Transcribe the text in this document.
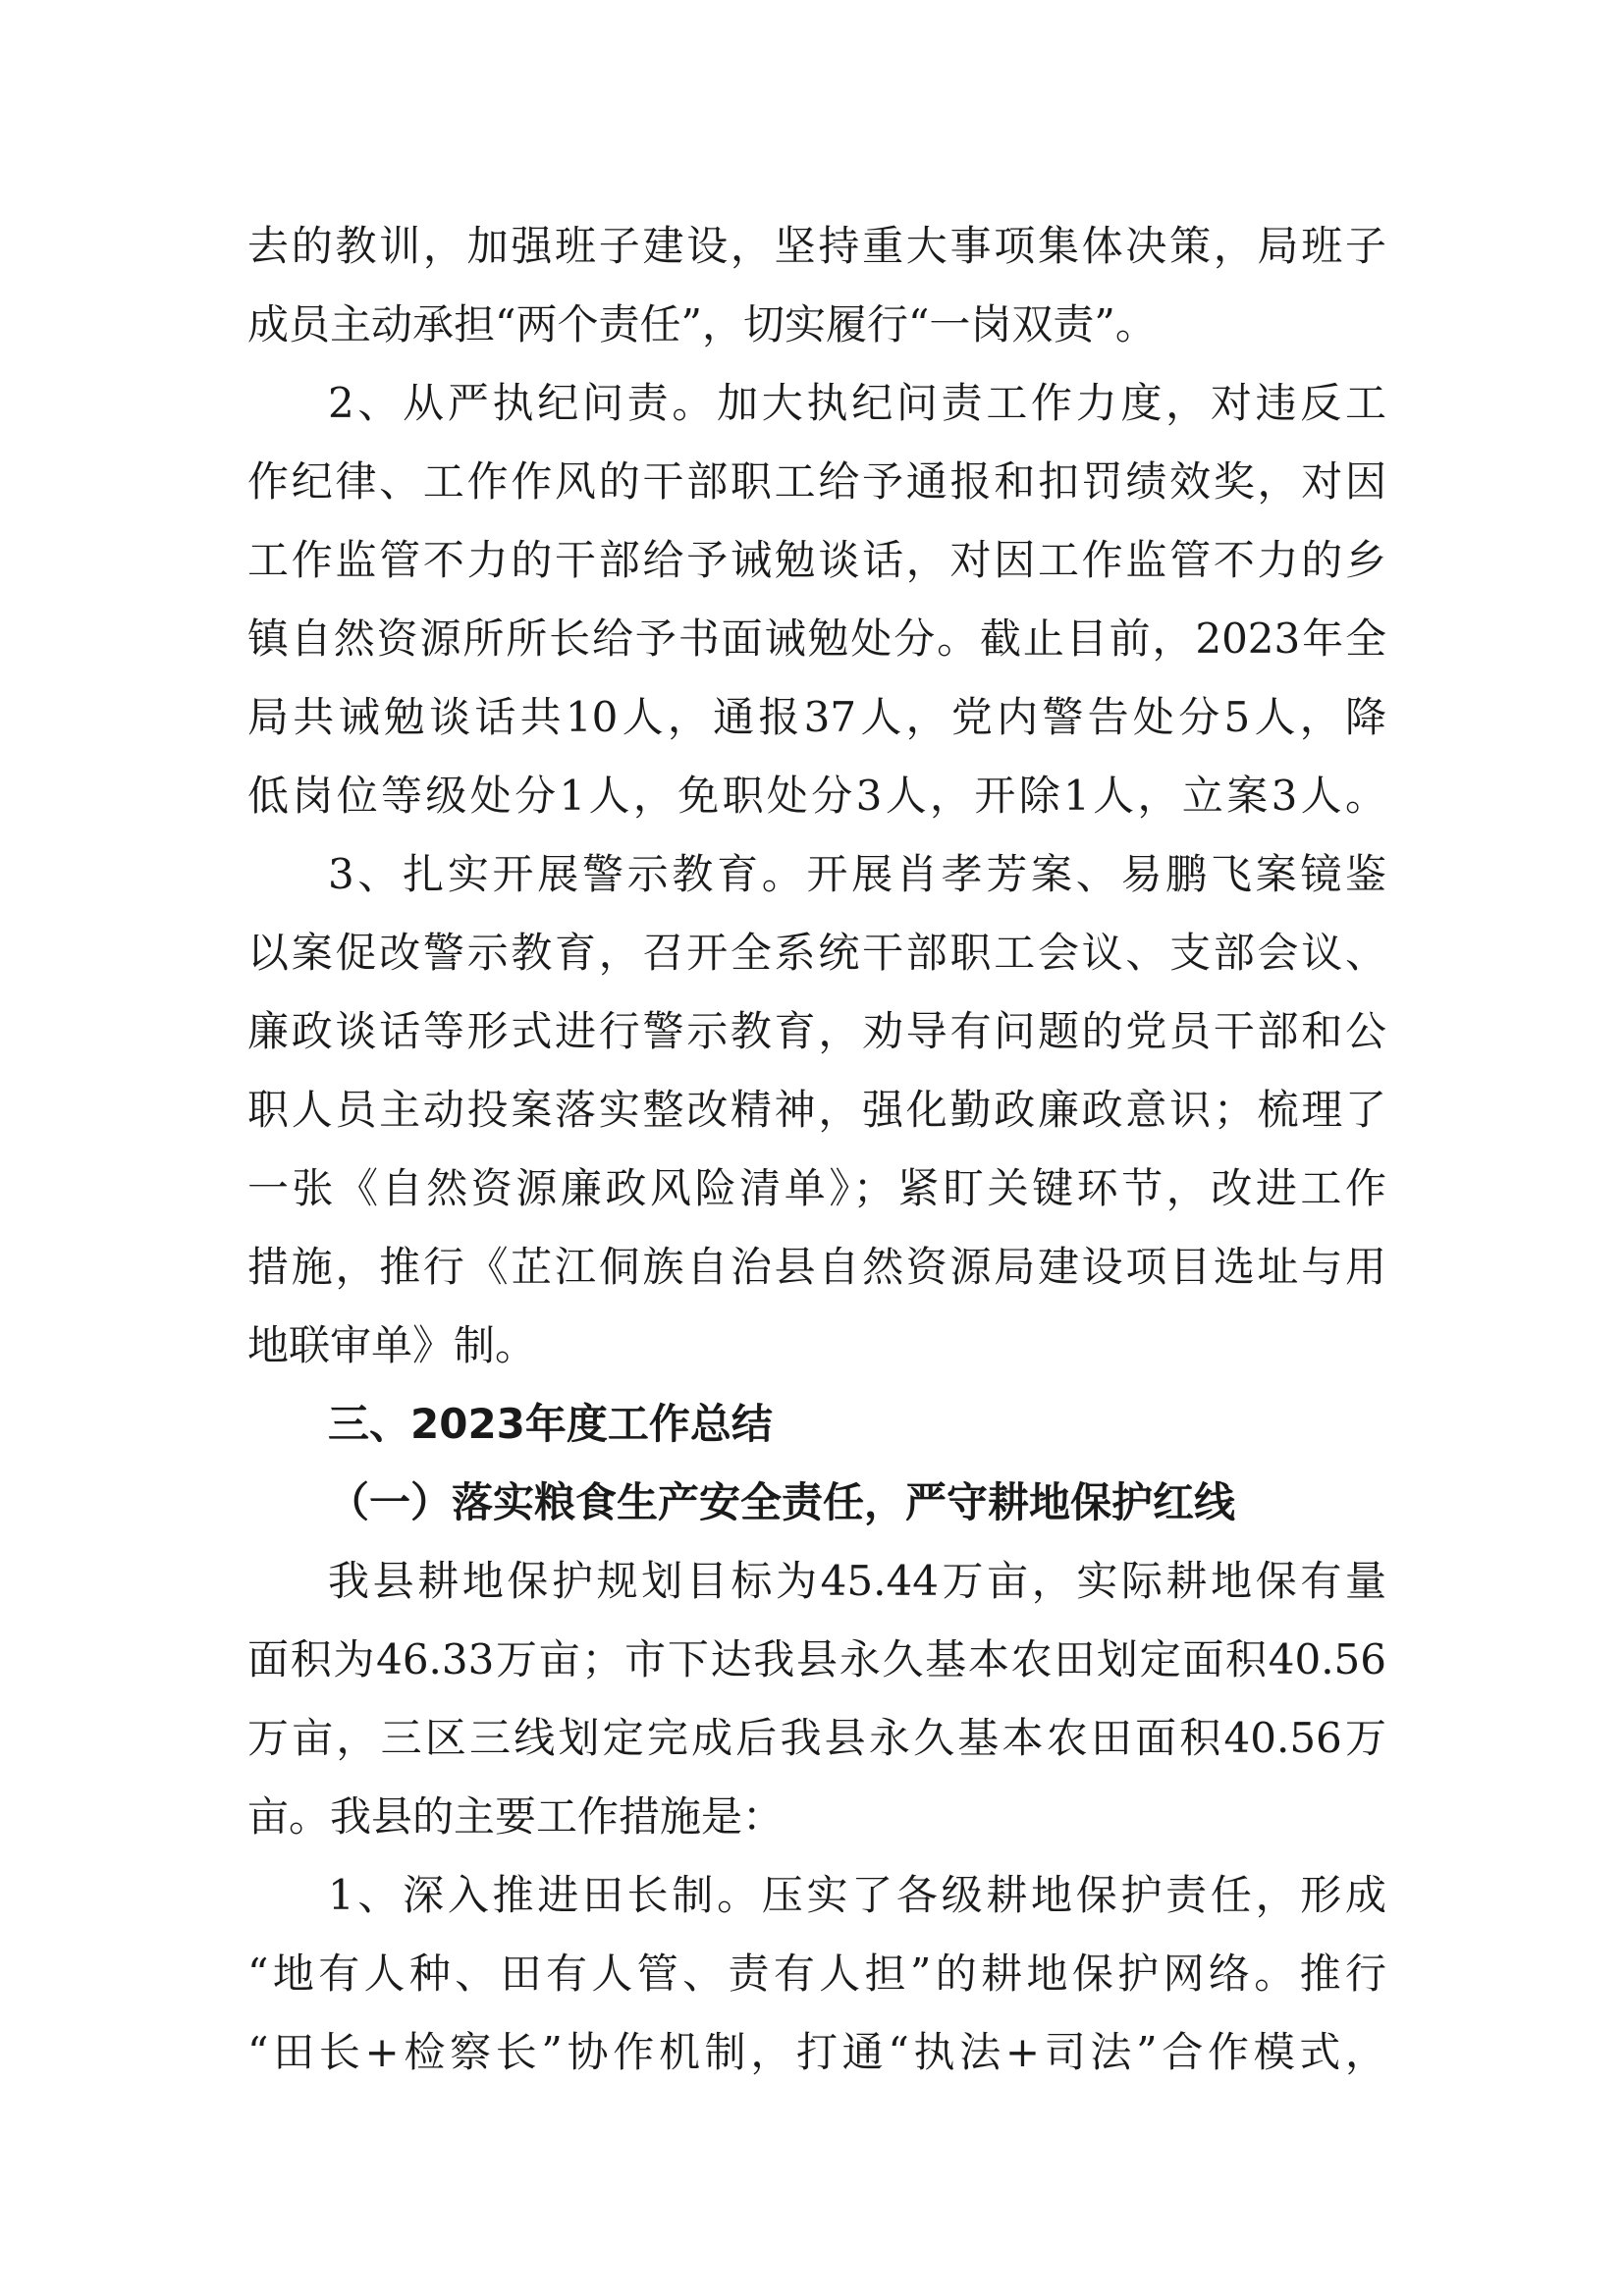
去的教训，加强班子建设，坚持重大事项集体决策，局班子
成员主动承担“两个责任”，切实履行“一岗双责”。
2、从严执纪问责。加大执纪问责工作力度，对违反工
作纪律、工作作风的干部职工给予通报和扣罚绩效奖，对因
工作监管不力的干部给予诫勉谈话，对因工作监管不力的乡
镇自然资源所所长给予书面诫勉处分。截止目前，2023年全
局共诫勉谈话共10人，通报37人，党内警告处分5人，降
低岗位等级处分1人，免职处分3人，开除1人，立案3人。
3、扎实开展警示教育。开展肖孝芳案、易鹏飞案镜鉴
以案促改警示教育，召开全系统干部职工会议、支部会议、
廉政谈话等形式进行警示教育，劝导有问题的党员干部和公
职人员主动投案落实整改精神，强化勤政廉政意识；梳理了
一张《自然资源廉政风险清单》；紧盯关键环节，改进工作
措施，推行《芷江侗族自治县自然资源局建设项目选址与用
地联审单》制。
三、2023年度工作总结
（一）落实粮食生产安全责任，严守耕地保护红线
我县耕地保护规划目标为45.44万亩，实际耕地保有量
面积为46.33万亩；市下达我县永久基本农田划定面积40.56
万亩，三区三线划定完成后我县永久基本农田面积40.56万
亩。我县的主要工作措施是：
1、深入推进田长制。压实了各级耕地保护责任，形成
“地有人种、田有人管、责有人担”的耕地保护网络。推行
“田长+检察长”协作机制，打通“执法+司法”合作模式，
